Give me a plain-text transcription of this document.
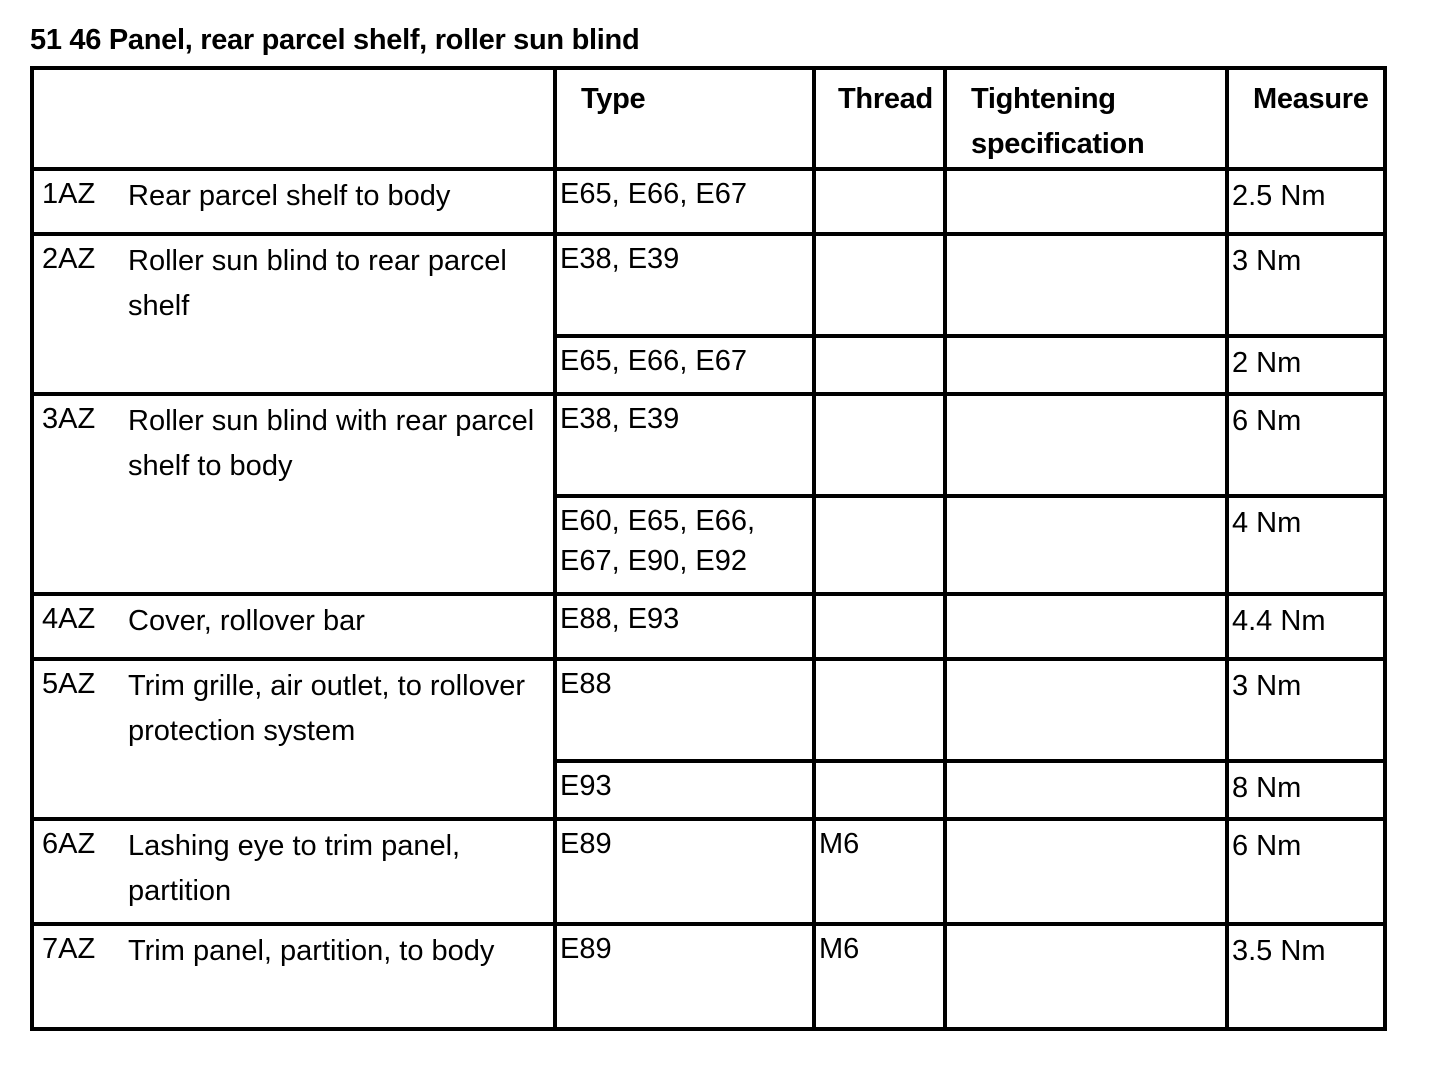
51 46 Panel, rear parcel shelf, roller sun blind

	Type	Thread	Tightening specification	Measure

1AZ Rear parcel shelf to body	E65, E66, E67			2.5 Nm

2AZ Roller sun blind to rear parcel shelf	E38, E39			3 Nm

	E65, E66, E67			2 Nm

3AZ Roller sun blind with rear parcel shelf to body	E38, E39			6 Nm

	E60, E65, E66, E67, E90, E92			4 Nm

4AZ Cover, rollover bar	E88, E93			4.4 Nm

5AZ Trim grille, air outlet, to rollover protection system	E88			3 Nm

	E93			8 Nm

6AZ Lashing eye to trim panel, partition	E89	M6		6 Nm

7AZ Trim panel, partition, to body	E89	M6		3.5 Nm
